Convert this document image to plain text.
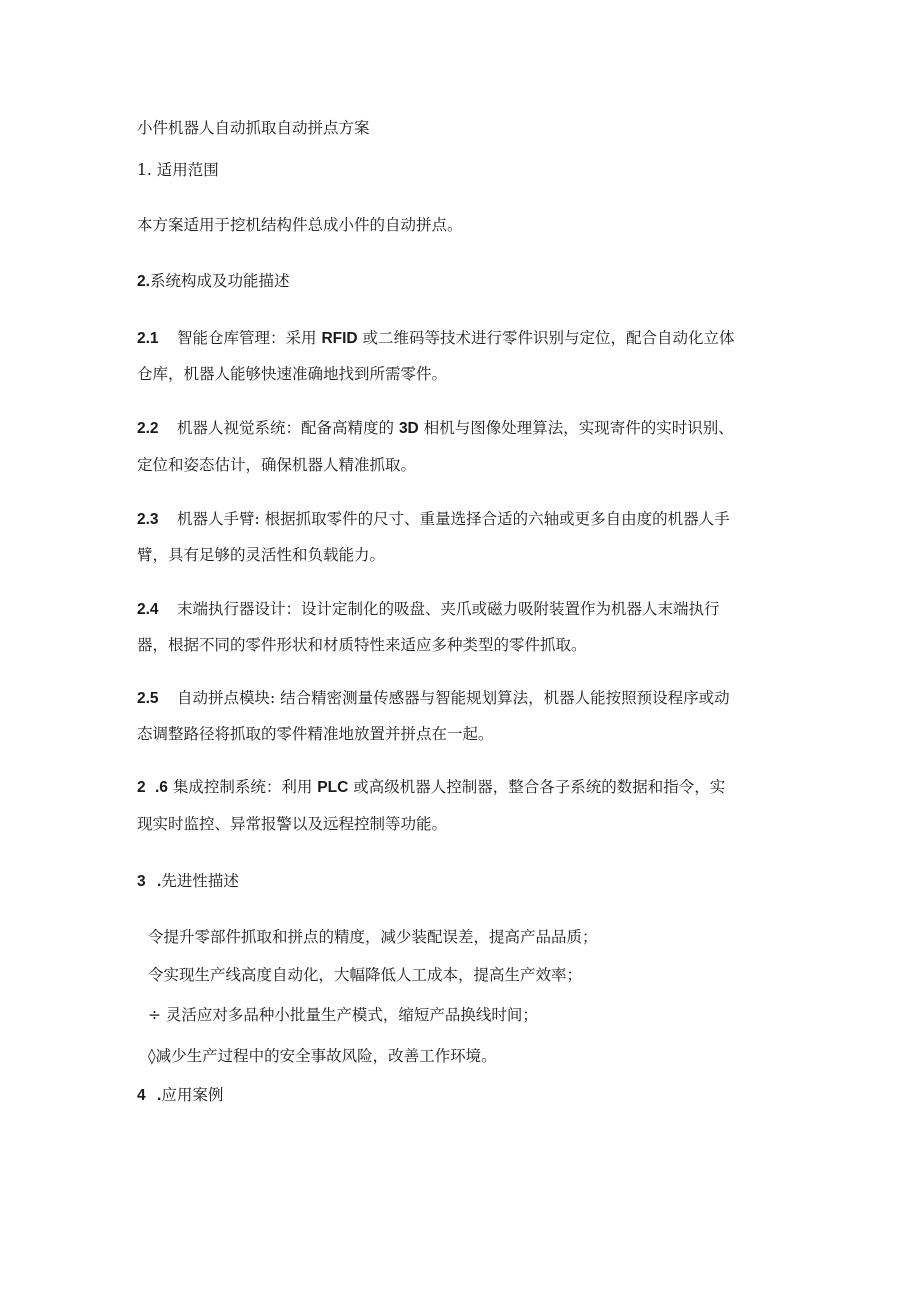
小件机器人自动抓取自动拼点方案
1. 适用范围
本方案适用于挖机结构件总成小件的自动拼点。
2.系统构成及功能描述
2.1 智能仓库管理：采用 RFID 或二维码等技术进行零件识别与定位，配合自动化立体
仓库，机器人能够快速准确地找到所需零件。
2.2 机器人视觉系统：配备高精度的 3D 相机与图像处理算法，实现寄件的实时识别、
定位和姿态估计，确保机器人精准抓取。
2.3 机器人手臂: 根据抓取零件的尺寸、重量选择合适的六轴或更多自由度的机器人手
臂，具有足够的灵活性和负载能力。
2.4 末端执行器设计：设计定制化的吸盘、夹爪或磁力吸附装置作为机器人末端执行
器，根据不同的零件形状和材质特性来适应多种类型的零件抓取。
2.5 自动拼点模块: 结合精密测量传感器与智能规划算法，机器人能按照预设程序或动
态调整路径将抓取的零件精准地放置并拼点在一起。
2 .6 集成控制系统：利用 PLC 或高级机器人控制器，整合各子系统的数据和指令，实
现实时监控、异常报警以及远程控制等功能。
3 .先进性描述
令提升零部件抓取和拼点的精度，减少装配误差，提高产品品质；
令实现生产线高度自动化，大幅降低人工成本，提高生产效率；
÷ 灵活应对多品种小批量生产模式，缩短产品换线时间；
◊减少生产过程中的安全事故风险，改善工作环境。
4 .应用案例
